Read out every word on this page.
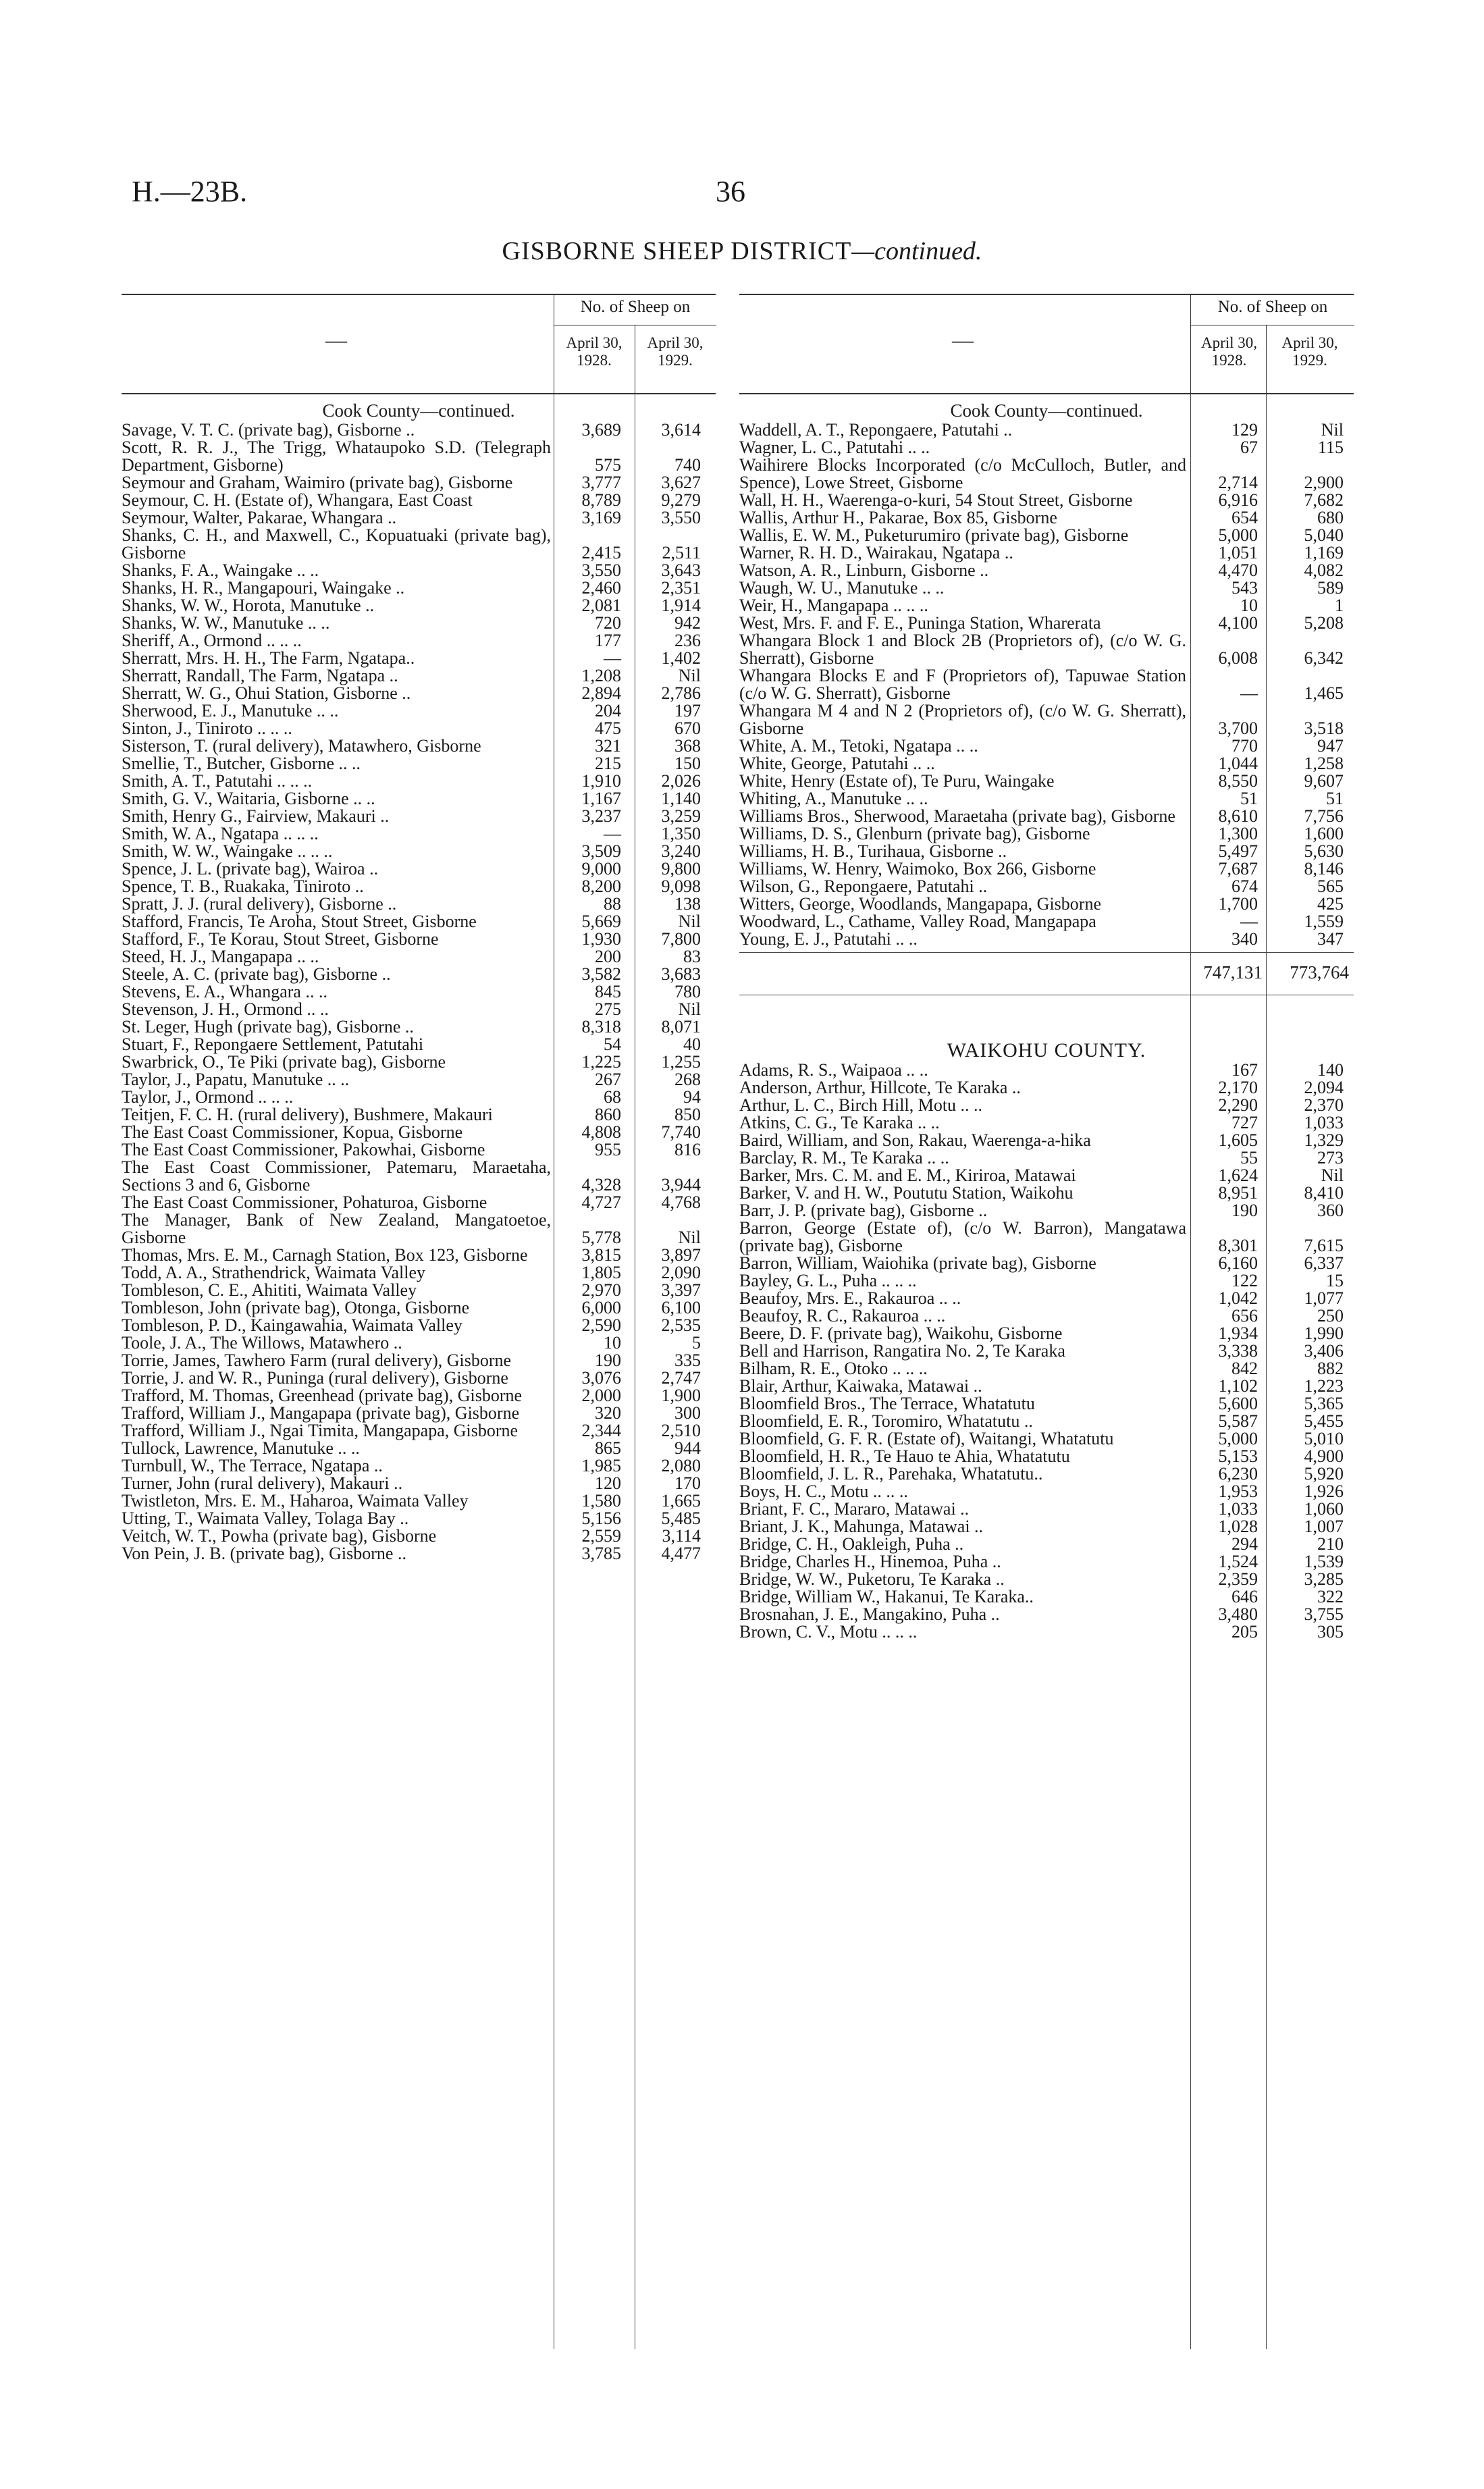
H.—23B.	36
GISBORNE SHEEP DISTRICT—continued.
—
No. of Sheep on
April 30, 1928.
April 30, 1929.
Cook County—continued.
Savage, V. T. C. (private bag), Gisborne ..	3,689	3,614
Scott, R. R. J., The Trigg, Whataupoko S.D. (Telegraph Department, Gisborne)	575	740
Seymour and Graham, Waimiro (private bag), Gisborne	3,777	3,627
Seymour, C. H. (Estate of), Whangara, East Coast	8,789	9,279
Seymour, Walter, Pakarae, Whangara ..	3,169	3,550
Shanks, C. H., and Maxwell, C., Kopuatuaki (private bag), Gisborne	2,415	2,511
Shanks, F. A., Waingake .. ..	3,550	3,643
Shanks, H. R., Mangapouri, Waingake ..	2,460	2,351
Shanks, W. W., Horota, Manutuke ..	2,081	1,914
Shanks, W. W., Manutuke .. ..	720	942
Sheriff, A., Ormond .. .. ..	177	236
Sherratt, Mrs. H. H., The Farm, Ngatapa..	—	1,402
Sherratt, Randall, The Farm, Ngatapa ..	1,208	Nil
Sherratt, W. G., Ohui Station, Gisborne ..	2,894	2,786
Sherwood, E. J., Manutuke .. ..	204	197
Sinton, J., Tiniroto .. .. ..	475	670
Sisterson, T. (rural delivery), Matawhero, Gisborne	321	368
Smellie, T., Butcher, Gisborne .. ..	215	150
Smith, A. T., Patutahi .. .. ..	1,910	2,026
Smith, G. V., Waitaria, Gisborne .. ..	1,167	1,140
Smith, Henry G., Fairview, Makauri ..	3,237	3,259
Smith, W. A., Ngatapa .. .. ..	—	1,350
Smith, W. W., Waingake .. .. ..	3,509	3,240
Spence, J. L. (private bag), Wairoa ..	9,000	9,800
Spence, T. B., Ruakaka, Tiniroto ..	8,200	9,098
Spratt, J. J. (rural delivery), Gisborne ..	88	138
Stafford, Francis, Te Aroha, Stout Street, Gisborne	5,669	Nil
Stafford, F., Te Korau, Stout Street, Gisborne	1,930	7,800
Steed, H. J., Mangapapa .. ..	200	83
Steele, A. C. (private bag), Gisborne ..	3,582	3,683
Stevens, E. A., Whangara .. ..	845	780
Stevenson, J. H., Ormond .. ..	275	Nil
St. Leger, Hugh (private bag), Gisborne ..	8,318	8,071
Stuart, F., Repongaere Settlement, Patutahi	54	40
Swarbrick, O., Te Piki (private bag), Gisborne	1,225	1,255
Taylor, J., Papatu, Manutuke .. ..	267	268
Taylor, J., Ormond .. .. ..	68	94
Teitjen, F. C. H. (rural delivery), Bushmere, Makauri	860	850
The East Coast Commissioner, Kopua, Gisborne	4,808	7,740
The East Coast Commissioner, Pakowhai, Gisborne	955	816
The East Coast Commissioner, Patemaru, Maraetaha, Sections 3 and 6, Gisborne	4,328	3,944
The East Coast Commissioner, Pohaturoa, Gisborne	4,727	4,768
The Manager, Bank of New Zealand, Mangatoetoe, Gisborne	5,778	Nil
Thomas, Mrs. E. M., Carnagh Station, Box 123, Gisborne	3,815	3,897
Todd, A. A., Strathendrick, Waimata Valley	1,805	2,090
Tombleson, C. E., Ahititi, Waimata Valley	2,970	3,397
Tombleson, John (private bag), Otonga, Gisborne	6,000	6,100
Tombleson, P. D., Kaingawahia, Waimata Valley	2,590	2,535
Toole, J. A., The Willows, Matawhero ..	10	5
Torrie, James, Tawhero Farm (rural delivery), Gisborne	190	335
Torrie, J. and W. R., Puninga (rural delivery), Gisborne	3,076	2,747
Trafford, M. Thomas, Greenhead (private bag), Gisborne	2,000	1,900
Trafford, William J., Mangapapa (private bag), Gisborne	320	300
Trafford, William J., Ngai Timita, Mangapapa, Gisborne	2,344	2,510
Tullock, Lawrence, Manutuke .. ..	865	944
Turnbull, W., The Terrace, Ngatapa ..	1,985	2,080
Turner, John (rural delivery), Makauri ..	120	170
Twistleton, Mrs. E. M., Haharoa, Waimata Valley	1,580	1,665
Utting, T., Waimata Valley, Tolaga Bay ..	5,156	5,485
Veitch, W. T., Powha (private bag), Gisborne	2,559	3,114
Von Pein, J. B. (private bag), Gisborne ..	3,785	4,477
—
No. of Sheep on
April 30, 1928.
April 30, 1929.
Cook County—continued.
Waddell, A. T., Repongaere, Patutahi ..	129	Nil
Wagner, L. C., Patutahi .. ..	67	115
Waihirere Blocks Incorporated (c/o McCulloch, Butler, and Spence), Lowe Street, Gisborne	2,714	2,900
Wall, H. H., Waerenga-o-kuri, 54 Stout Street, Gisborne	6,916	7,682
Wallis, Arthur H., Pakarae, Box 85, Gisborne	654	680
Wallis, E. W. M., Puketurumiro (private bag), Gisborne	5,000	5,040
Warner, R. H. D., Wairakau, Ngatapa ..	1,051	1,169
Watson, A. R., Linburn, Gisborne ..	4,470	4,082
Waugh, W. U., Manutuke .. ..	543	589
Weir, H., Mangapapa .. .. ..	10	1
West, Mrs. F. and F. E., Puninga Station, Wharerata	4,100	5,208
Whangara Block 1 and Block 2B (Proprietors of), (c/o W. G. Sherratt), Gisborne	6,008	6,342
Whangara Blocks E and F (Proprietors of), Tapuwae Station (c/o W. G. Sherratt), Gisborne	—	1,465
Whangara M 4 and N 2 (Proprietors of), (c/o W. G. Sherratt), Gisborne	3,700	3,518
White, A. M., Tetoki, Ngatapa .. ..	770	947
White, George, Patutahi .. ..	1,044	1,258
White, Henry (Estate of), Te Puru, Waingake	8,550	9,607
Whiting, A., Manutuke .. ..	51	51
Williams Bros., Sherwood, Maraetaha (private bag), Gisborne	8,610	7,756
Williams, D. S., Glenburn (private bag), Gisborne	1,300	1,600
Williams, H. B., Turihaua, Gisborne ..	5,497	5,630
Williams, W. Henry, Waimoko, Box 266, Gisborne	7,687	8,146
Wilson, G., Repongaere, Patutahi ..	674	565
Witters, George, Woodlands, Mangapapa, Gisborne	1,700	425
Woodward, L., Cathame, Valley Road, Mangapapa	—	1,559
Young, E. J., Patutahi .. ..	340	347
747,131	773,764
WAIKOHU COUNTY.
Adams, R. S., Waipaoa .. ..	167	140
Anderson, Arthur, Hillcote, Te Karaka ..	2,170	2,094
Arthur, L. C., Birch Hill, Motu .. ..	2,290	2,370
Atkins, C. G., Te Karaka .. ..	727	1,033
Baird, William, and Son, Rakau, Waerenga-a-hika	1,605	1,329
Barclay, R. M., Te Karaka .. ..	55	273
Barker, Mrs. C. M. and E. M., Kiriroa, Matawai	1,624	Nil
Barker, V. and H. W., Poututu Station, Waikohu	8,951	8,410
Barr, J. P. (private bag), Gisborne ..	190	360
Barron, George (Estate of), (c/o W. Barron), Mangatawa (private bag), Gisborne	8,301	7,615
Barron, William, Waiohika (private bag), Gisborne	6,160	6,337
Bayley, G. L., Puha .. .. ..	122	15
Beaufoy, Mrs. E., Rakauroa .. ..	1,042	1,077
Beaufoy, R. C., Rakauroa .. ..	656	250
Beere, D. F. (private bag), Waikohu, Gisborne	1,934	1,990
Bell and Harrison, Rangatira No. 2, Te Karaka	3,338	3,406
Bilham, R. E., Otoko .. .. ..	842	882
Blair, Arthur, Kaiwaka, Matawai ..	1,102	1,223
Bloomfield Bros., The Terrace, Whatatutu	5,600	5,365
Bloomfield, E. R., Toromiro, Whatatutu ..	5,587	5,455
Bloomfield, G. F. R. (Estate of), Waitangi, Whatatutu	5,000	5,010
Bloomfield, H. R., Te Hauo te Ahia, Whatatutu	5,153	4,900
Bloomfield, J. L. R., Parehaka, Whatatutu..	6,230	5,920
Boys, H. C., Motu .. .. ..	1,953	1,926
Briant, F. C., Mararo, Matawai ..	1,033	1,060
Briant, J. K., Mahunga, Matawai ..	1,028	1,007
Bridge, C. H., Oakleigh, Puha ..	294	210
Bridge, Charles H., Hinemoa, Puha ..	1,524	1,539
Bridge, W. W., Puketoru, Te Karaka ..	2,359	3,285
Bridge, William W., Hakanui, Te Karaka..	646	322
Brosnahan, J. E., Mangakino, Puha ..	3,480	3,755
Brown, C. V., Motu .. .. ..	205	305
